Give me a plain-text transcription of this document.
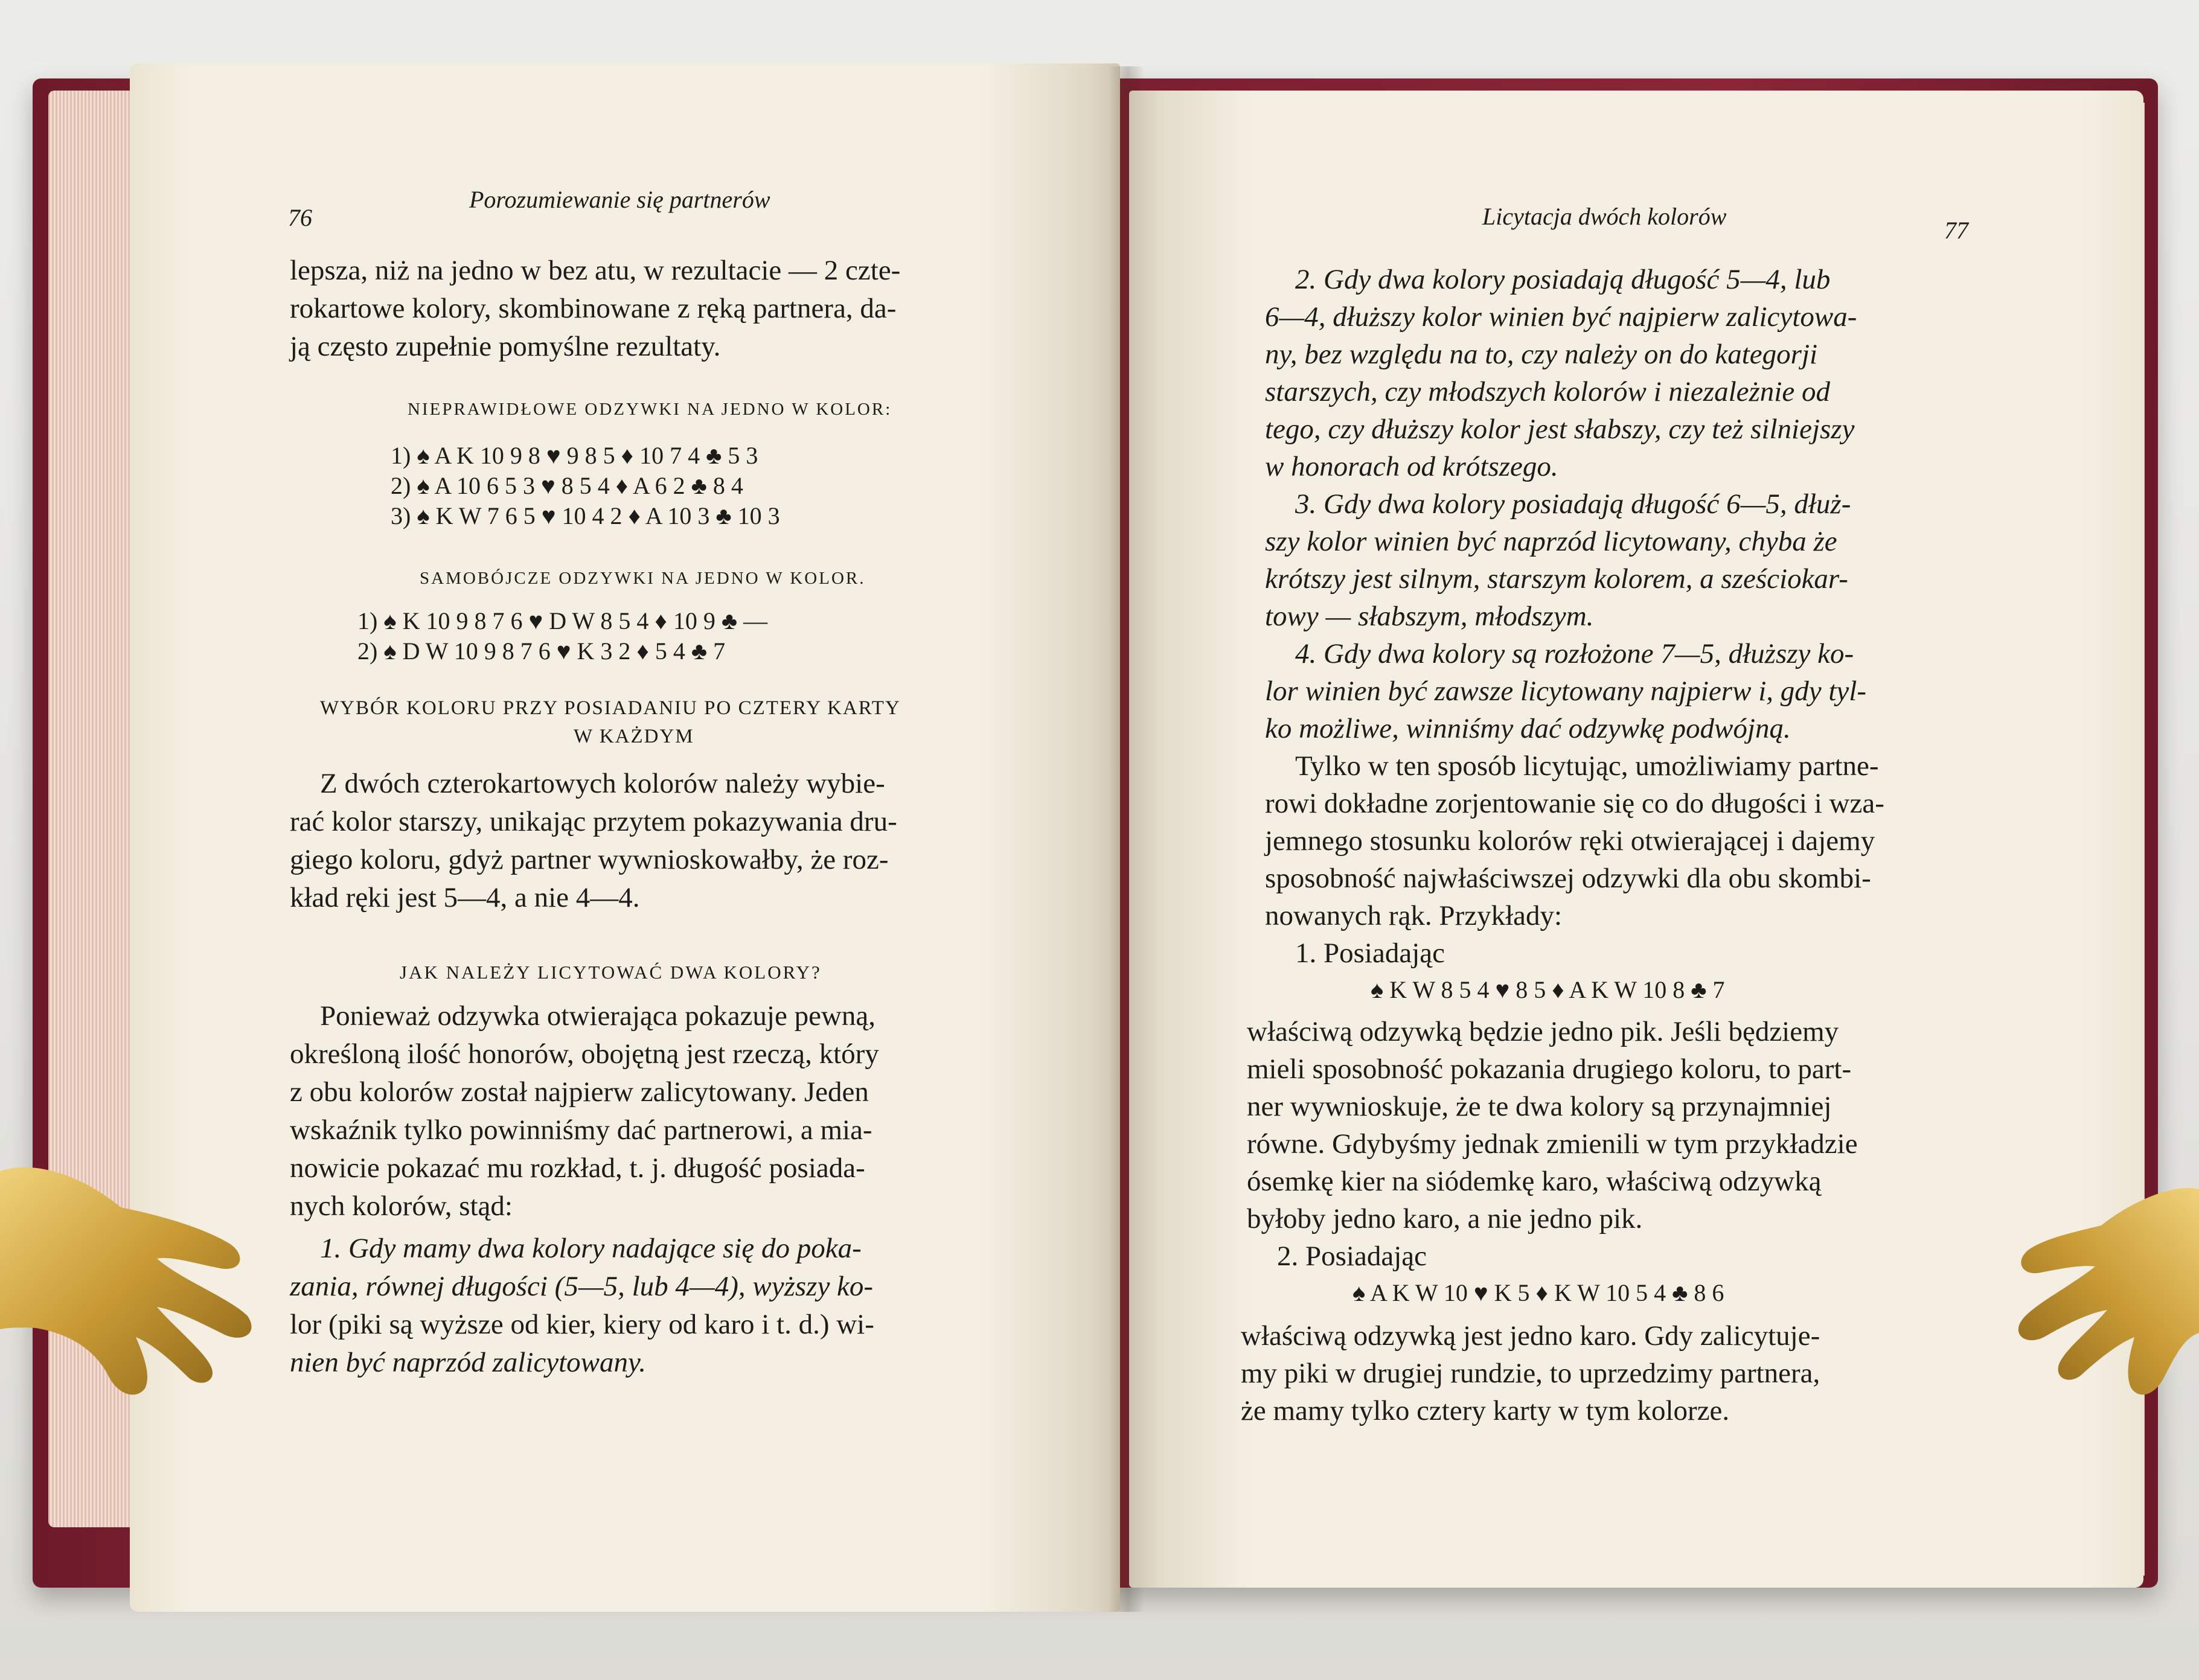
76
Porozumiewanie się partnerów
lepsza, niż na jedno w bez atu, w rezultacie — 2 czte-
rokartowe kolory, skombinowane z ręką partnera, da-
ją często zupełnie pomyślne rezultaty.
NIEPRAWIDŁOWE ODZYWKI NA JEDNO W KOLOR:
1) ♠ A K 10 9 8 ♥ 9 8 5 ♦ 10 7 4 ♣ 5 3
2) ♠ A 10 6 5 3 ♥ 8 5 4 ♦ A 6 2 ♣ 8 4
3) ♠ K W 7 6 5 ♥ 10 4 2 ♦ A 10 3 ♣ 10 3
SAMOBÓJCZE ODZYWKI NA JEDNO W KOLOR.
1) ♠ K 10 9 8 7 6 ♥ D W 8 5 4 ♦ 10 9 ♣ —
2) ♠ D W 10 9 8 7 6 ♥ K 3 2 ♦ 5 4 ♣ 7
WYBÓR KOLORU PRZY POSIADANIU PO CZTERY KARTY
W KAŻDYM
Z dwóch czterokartowych kolorów należy wybie-
rać kolor starszy, unikając przytem pokazywania dru-
giego koloru, gdyż partner wywnioskowałby, że roz-
kład ręki jest 5—4, a nie 4—4.
JAK NALEŻY LICYTOWAĆ DWA KOLORY?
Ponieważ odzywka otwierająca pokazuje pewną,
określoną ilość honorów, obojętną jest rzeczą, który
z obu kolorów został najpierw zalicytowany. Jeden
wskaźnik tylko powinniśmy dać partnerowi, a mia-
nowicie pokazać mu rozkład, t. j. długość posiada-
nych kolorów, stąd:
1. Gdy mamy dwa kolory nadające się do poka-
zania, równej długości (5—5, lub 4—4), wyższy ko-
lor (piki są wyższe od kier, kiery od karo i t. d.) wi-
nien być naprzód zalicytowany.
Licytacja dwóch kolorów
77
2. Gdy dwa kolory posiadają długość 5—4, lub
6—4, dłuższy kolor winien być najpierw zalicytowa-
ny, bez względu na to, czy należy on do kategorji
starszych, czy młodszych kolorów i niezależnie od
tego, czy dłuższy kolor jest słabszy, czy też silniejszy
w honorach od krótszego.
3. Gdy dwa kolory posiadają długość 6—5, dłuż-
szy kolor winien być naprzód licytowany, chyba że
krótszy jest silnym, starszym kolorem, a sześciokar-
towy — słabszym, młodszym.
4. Gdy dwa kolory są rozłożone 7—5, dłuższy ko-
lor winien być zawsze licytowany najpierw i, gdy tyl-
ko możliwe, winniśmy dać odzywkę podwójną.
Tylko w ten sposób licytując, umożliwiamy partne-
rowi dokładne zorjentowanie się co do długości i wza-
jemnego stosunku kolorów ręki otwierającej i dajemy
sposobność najwłaściwszej odzywki dla obu skombi-
nowanych rąk. Przykłady:
1. Posiadając
♠ K W 8 5 4 ♥ 8 5 ♦ A K W 10 8 ♣ 7
właściwą odzywką będzie jedno pik. Jeśli będziemy
mieli sposobność pokazania drugiego koloru, to part-
ner wywnioskuje, że te dwa kolory są przynajmniej
równe. Gdybyśmy jednak zmienili w tym przykładzie
ósemkę kier na siódemkę karo, właściwą odzywką
byłoby jedno karo, a nie jedno pik.
2. Posiadając
♠ A K W 10 ♥ K 5 ♦ K W 10 5 4 ♣ 8 6
właściwą odzywką jest jedno karo. Gdy zalicytuje-
my piki w drugiej rundzie, to uprzedzimy partnera,
że mamy tylko cztery karty w tym kolorze.
